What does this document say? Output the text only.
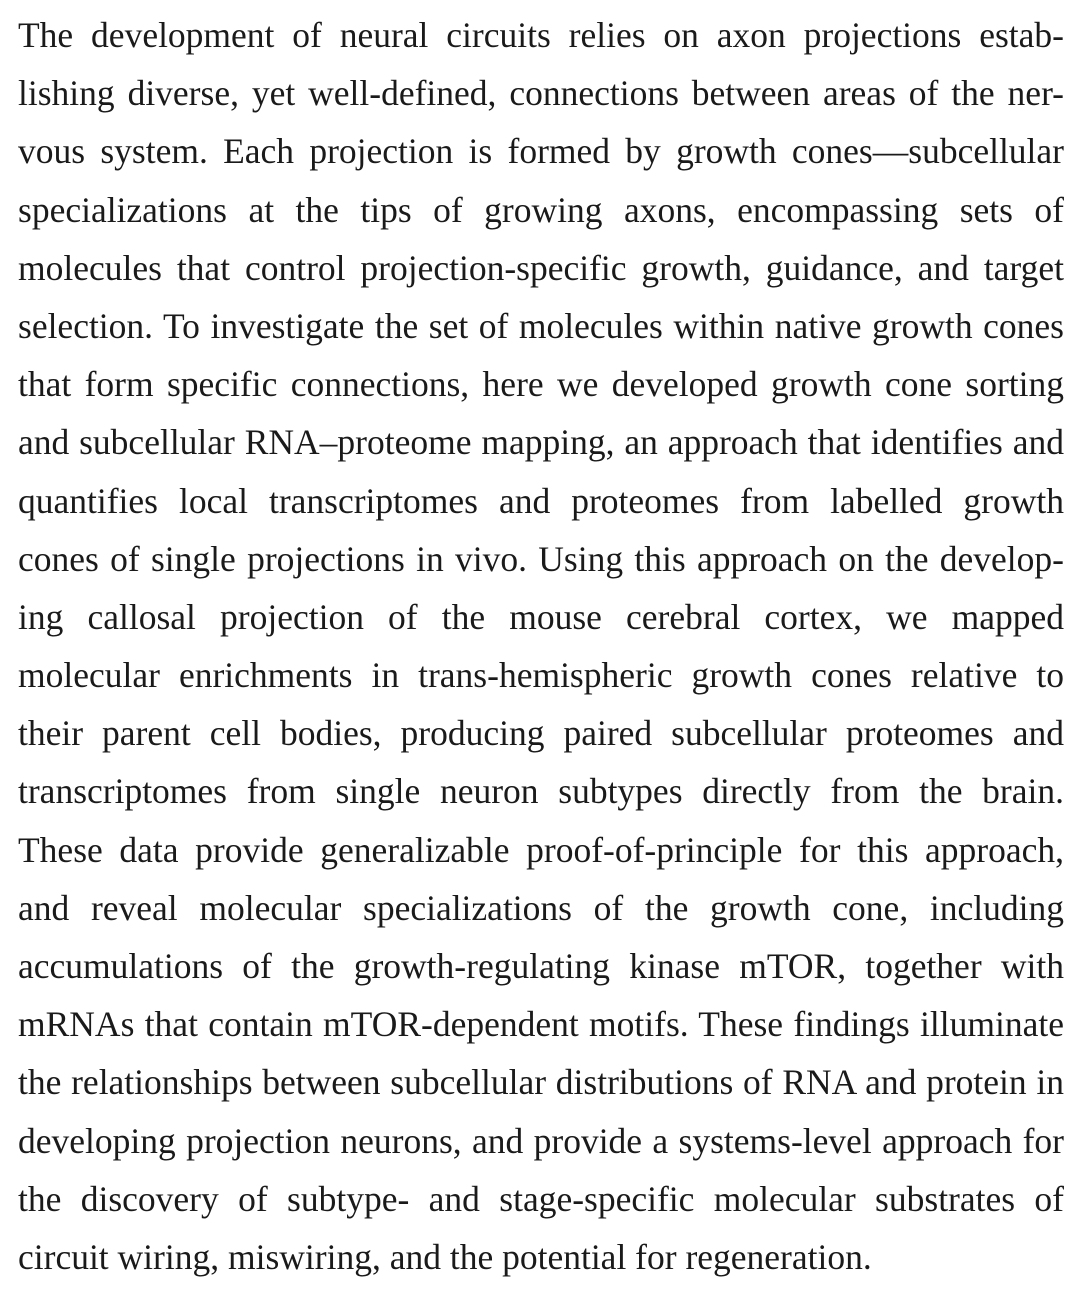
The development of neural circuits relies on axon projections estab-
lishing diverse, yet well-defined, connections between areas of the ner-
vous system. Each projection is formed by growth cones—subcellular
specializations at the tips of growing axons, encompassing sets of
molecules that control projection-specific growth, guidance, and target
selection. To investigate the set of molecules within native growth cones
that form specific connections, here we developed growth cone sorting
and subcellular RNA–proteome mapping, an approach that identifies and
quantifies local transcriptomes and proteomes from labelled growth
cones of single projections in vivo. Using this approach on the develop-
ing callosal projection of the mouse cerebral cortex, we mapped
molecular enrichments in trans-hemispheric growth cones relative to
their parent cell bodies, producing paired subcellular proteomes and
transcriptomes from single neuron subtypes directly from the brain.
These data provide generalizable proof-of-principle for this approach,
and reveal molecular specializations of the growth cone, including
accumulations of the growth-regulating kinase mTOR, together with
mRNAs that contain mTOR-dependent motifs. These findings illuminate
the relationships between subcellular distributions of RNA and protein in
developing projection neurons, and provide a systems-level approach for
the discovery of subtype- and stage-specific molecular substrates of
circuit wiring, miswiring, and the potential for regeneration.
